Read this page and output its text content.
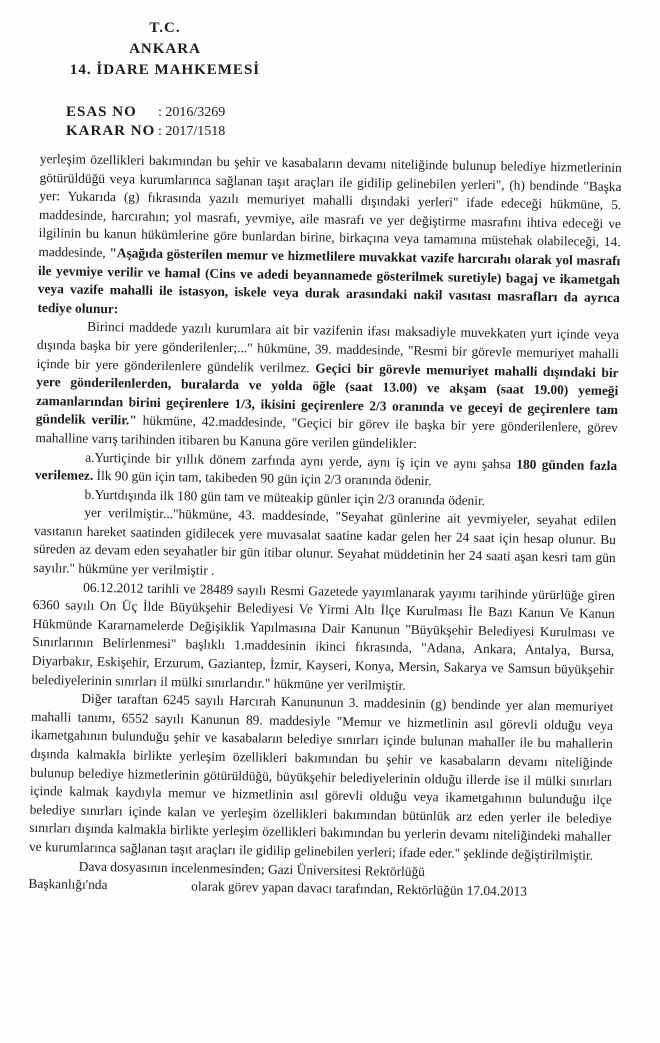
T.C.
ANKARA
14. İDARE MAHKEMESİ
ESAS NO : 2016/3269
KARAR NO : 2017/1518

yerleşim özellikleri bakımından bu şehir ve kasabaların devamı niteliğinde bulunup belediye hizmetlerinin götürüldüğü veya kurumlarınca sağlanan taşıt araçları ile gidilip gelinebilen yerleri", (h) bendinde "Başka yer: Yukarıda (g) fıkrasında yazılı memuriyet mahalli dışındaki yerleri" ifade edeceği hükmüne, 5. maddesinde, harcırahın; yol masrafı, yevmiye, aile masrafı ve yer değiştirme masrafını ihtiva edeceği ve ilgilinin bu kanun hükümlerine göre bunlardan birine, birkaçına veya tamamına müstehak olabileceği, 14. maddesinde, "Aşağıda gösterilen memur ve hizmetlilere muvakkat vazife harcırahı olarak yol masrafı ile yevmiye verilir ve hamal (Cins ve adedi beyannamede gösterilmek suretiyle) bagaj ve ikametgah veya vazife mahalli ile istasyon, iskele veya durak arasındaki nakil vasıtası masrafları da ayrıca tediye olunur:

Birinci maddede yazılı kurumlara ait bir vazifenin ifası maksadiyle muvekkaten yurt içinde veya dışında başka bir yere gönderilenler;..." hükmüne, 39. maddesinde, "Resmi bir görevle memuriyet mahalli içinde bir yere gönderilenlere gündelik verilmez. Geçici bir görevle memuriyet mahalli dışındaki bir yere gönderilenlerden, buralarda ve yolda öğle (saat 13.00) ve akşam (saat 19.00) yemeği zamanlarından birini geçirenlere 1/3, ikisini geçirenlere 2/3 oranında ve geceyi de geçirenlere tam gündelik verilir." hükmüne, 42.maddesinde, "Geçici bir görev ile başka bir yere gönderilenlere, görev mahalline varış tarihinden itibaren bu Kanuna göre verilen gündelikler:

a.Yurtiçinde bir yıllık dönem zarfında aynı yerde, aynı iş için ve aynı şahsa 180 günden fazla verilemez. İlk 90 gün için tam, takibeden 90 gün için 2/3 oranında ödenir.

b.Yurtdışında ilk 180 gün tam ve müteakip günler için 2/3 oranında ödenir.

yer verilmiştir..."hükmüne, 43. maddesinde, "Seyahat günlerine ait yevmiyeler, seyahat edilen vasıtanın hareket saatinden gidilecek yere muvasalat saatine kadar gelen her 24 saat için hesap olunur. Bu süreden az devam eden seyahatler bir gün itibar olunur. Seyahat müddetinin her 24 saati aşan kesri tam gün sayılır." hükmüne yer verilmiştir .

06.12.2012 tarihli ve 28489 sayılı Resmi Gazetede yayımlanarak yayımı tarihinde yürürlüğe giren 6360 sayılı On Üç İlde Büyükşehir Belediyesi Ve Yirmi Altı İlçe Kurulması İle Bazı Kanun Ve Kanun Hükmünde Kararnamelerde Değişiklik Yapılmasına Dair Kanunun "Büyükşehir Belediyesi Kurulması ve Sınırlarının Belirlenmesi" başlıklı 1.maddesinin ikinci fıkrasında, "Adana, Ankara, Antalya, Bursa, Diyarbakır, Eskişehir, Erzurum, Gaziantep, İzmir, Kayseri, Konya, Mersin, Sakarya ve Samsun büyükşehir belediyelerinin sınırları il mülki sınırlarıdır." hükmüne yer verilmiştir.

Diğer taraftan 6245 sayılı Harcırah Kanununun 3. maddesinin (g) bendinde yer alan memuriyet mahalli tanımı, 6552 sayılı Kanunun 89. maddesiyle "Memur ve hizmetlinin asıl görevli olduğu veya ikametgahının bulunduğu şehir ve kasabaların belediye sınırları içinde bulunan mahaller ile bu mahallerin dışında kalmakla birlikte yerleşim özellikleri bakımından bu şehir ve kasabaların devamı niteliğinde bulunup belediye hizmetlerinin götürüldüğü, büyükşehir belediyelerinin olduğu illerde ise il mülki sınırları içinde kalmak kaydıyla memur ve hizmetlinin asıl görevli olduğu veya ikametgahının bulunduğu ilçe belediye sınırları içinde kalan ve yerleşim özellikleri bakımından bütünlük arz eden yerler ile belediye sınırları dışında kalmakla birlikte yerleşim özellikleri bakımından bu yerlerin devamı niteliğindeki mahaller ve kurumlarınca sağlanan taşıt araçları ile gidilip gelinebilen yerleri; ifade eder." şeklinde değiştirilmiştir.

Dava dosyasının incelenmesinden; Gazi Üniversitesi Rektörlüğü

Başkanlığı'nda	olarak görev yapan davacı tarafından, Rektörlüğün 17.04.2013
